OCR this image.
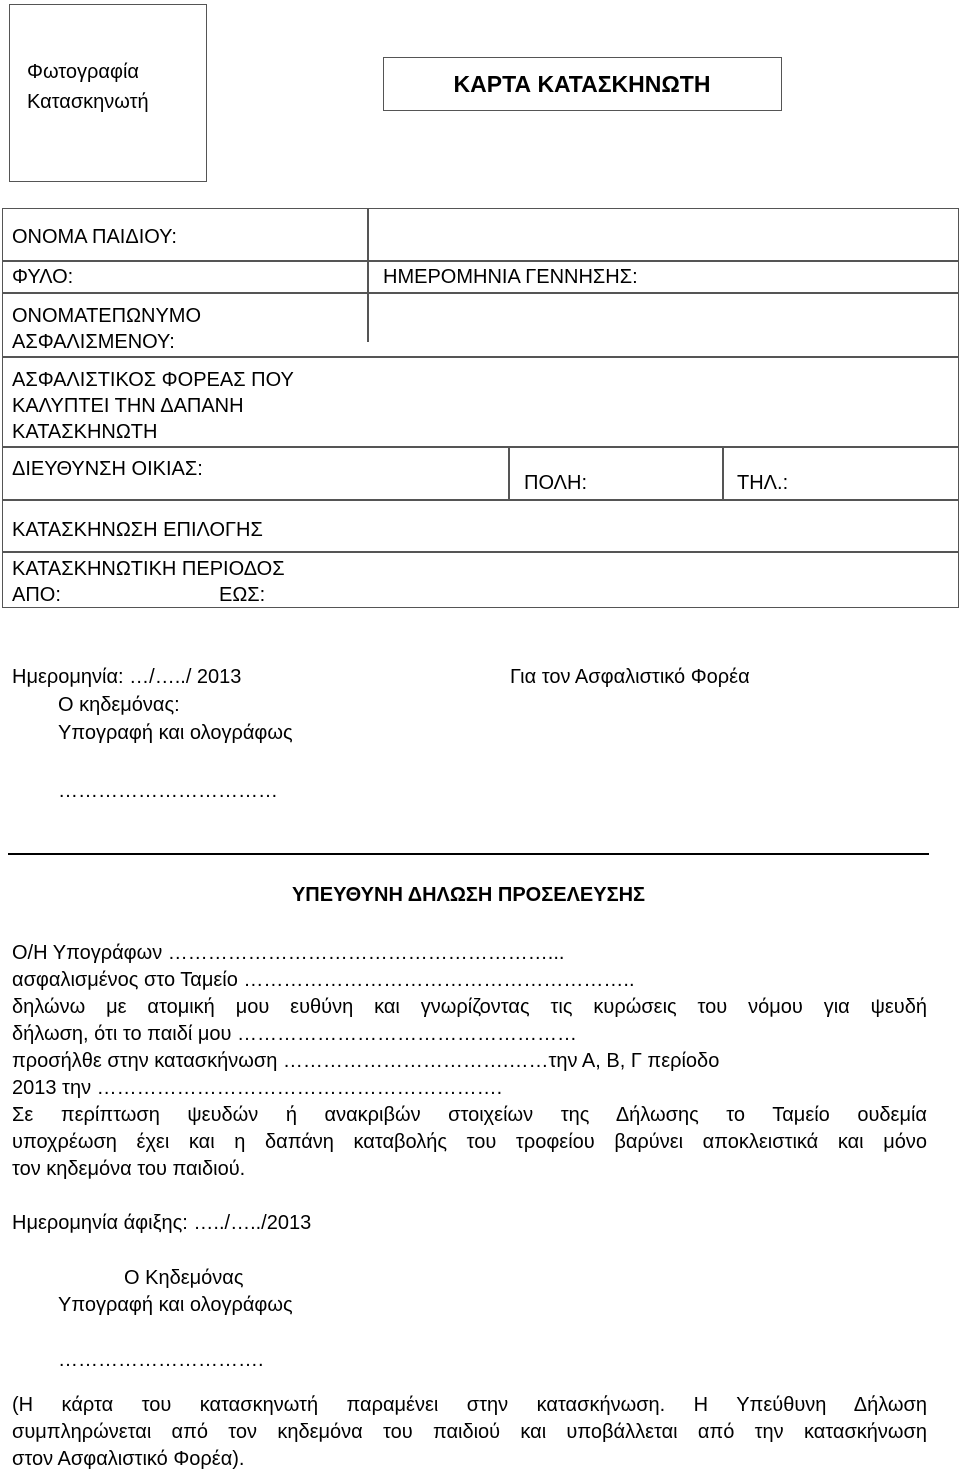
Φωτογραφία
Κατασκηνωτή
ΚΑΡΤΑ ΚΑΤΑΣΚΗΝΩΤΗ
ΟΝΟΜΑ ΠΑΙΔΙΟΥ:
ΦΥΛΟ:	ΗΜΕΡΟΜΗΝΙΑ ΓΕΝΝΗΣΗΣ:
ΟΝΟΜΑΤΕΠΩΝΥΜΟ
ΑΣΦΑΛΙΣΜΕΝΟΥ:
ΑΣΦΑΛΙΣΤΙΚΟΣ ΦΟΡΕΑΣ ΠΟΥ
ΚΑΛΥΠΤΕΙ ΤΗΝ ΔΑΠΑΝΗ
ΚΑΤΑΣΚΗΝΩΤΗ
ΔΙΕΥΘΥΝΣΗ ΟΙΚΙΑΣ:
ΠΟΛΗ:	ΤΗΛ.:
ΚΑΤΑΣΚΗΝΩΣΗ ΕΠΙΛΟΓΗΣ
ΚΑΤΑΣΚΗΝΩΤΙΚΗ ΠΕΡΙΟΔΟΣ
ΑΠΟ:	ΕΩΣ:
Ημερομηνία: …/…../ 2013
Ο κηδεμόνας:
Υπογραφή και ολογράφως
……………………………
Για τον Ασφαλιστικό Φορέα
ΥΠΕΥΘΥΝΗ ΔΗΛΩΣΗ ΠΡΟΣΕΛΕΥΣΗΣ
Ο/Η Υπογράφων …………………………………………………...
ασφαλισμένος στο Ταμείο …………………………………………………..
δηλώνω με ατομική μου ευθύνη και γνωρίζοντας τις κυρώσεις του νόμου για ψευδή
δήλωση, ότι το παιδί μου ……………………………………………
προσήλθε στην κατασκήνωση …………………………….……την Α, Β, Γ περίοδο
2013 την …………………………………………………….
Σε περίπτωση ψευδών ή ανακριβών στοιχείων της Δήλωσης το Ταμείο ουδεμία
υποχρέωση έχει και η δαπάνη καταβολής του τροφείου βαρύνει αποκλειστικά και μόνο
τον κηδεμόνα του παιδιού.
Ημερομηνία άφιξης: …../…../2013
Ο Κηδεμόνας
Υπογραφή και ολογράφως
………………………….
(Η κάρτα του κατασκηνωτή παραμένει στην κατασκήνωση. Η Υπεύθυνη Δήλωση
συμπληρώνεται από τον κηδεμόνα του παιδιού και υποβάλλεται από την κατασκήνωση
στον Ασφαλιστικό Φορέα).
